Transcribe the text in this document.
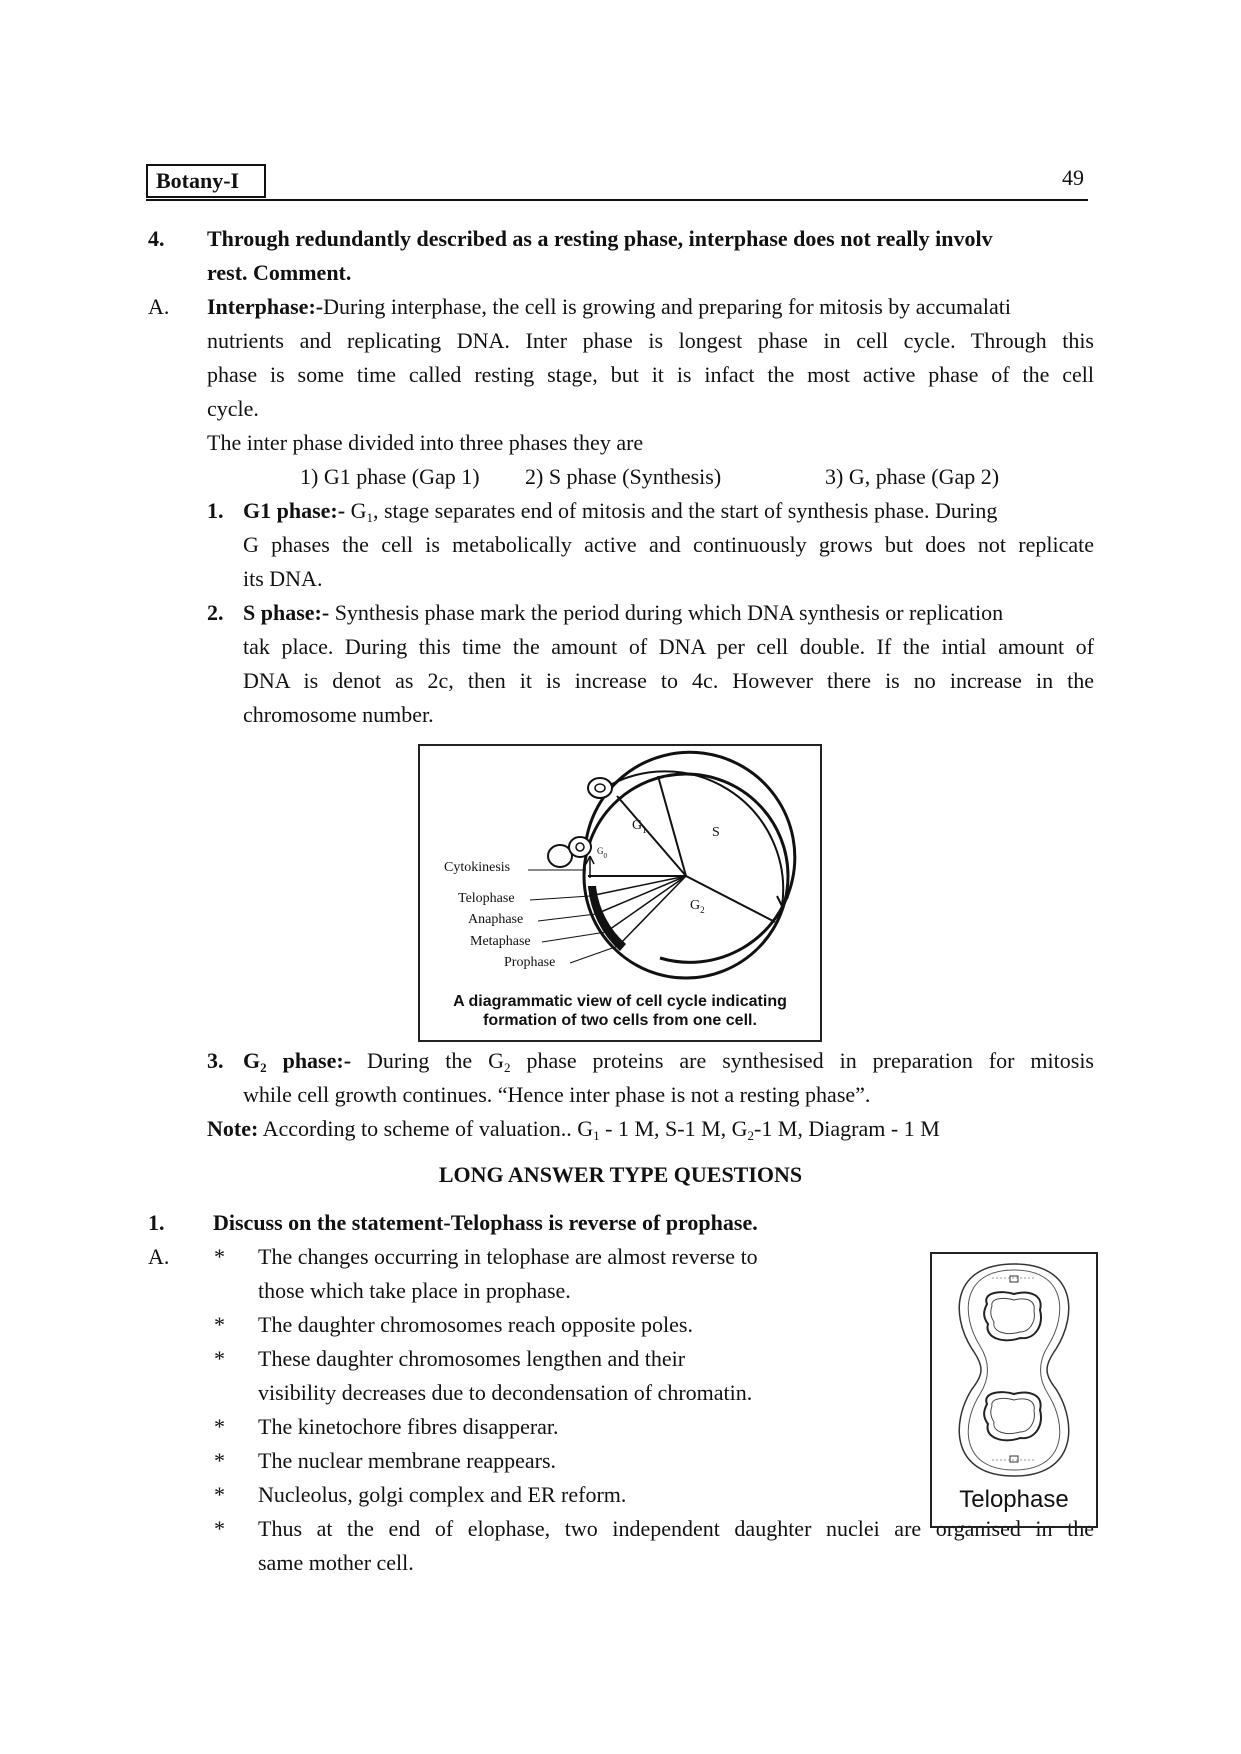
Botany-I	49
4. Through redundantly described as a resting phase, interphase does not really involv
rest. Comment.
A. Interphase:-During interphase, the cell is growing and preparing for mitosis by accumalati
nutrients and replicating DNA. Inter phase is longest phase in cell cycle. Through this
phase is some time called resting stage, but it is infact the most active phase of the cell
cycle.
The inter phase divided into three phases they are
1) G1 phase (Gap 1) 2) S phase (Synthesis)	3) G, phase (Gap 2)
1. G1 phase:- $G_1$, stage separates end of mitosis and the start of synthesis phase. During
G phases the cell is metabolically active and continuously grows but does not replicate
its DNA.
2. S phase:- Synthesis phase mark the period during which DNA synthesis or replication
tak place. During this time the amount of DNA per cell double. If the intial amount of
DNA is denot as 2c, then it is increase to 4c. However there is no increase in the
chromosome number.
$G_1$	S
$G_0$
$G_2$
Cytokinesis
Telophase
Anaphase
Metaphase
Prophase
A diagrammatic view of cell cycle indicating
formation of two cells from one cell.
3. $G_2$ phase:- During the $G_2$ phase proteins are synthesised in preparation for mitosis
while cell growth continues. “Hence inter phase is not a resting phase”.
Note: According to scheme of valuation.. $G_1 - 1$ M, S-1 M, $G_2-1$ M, Diagram - 1 M
LONG ANSWER TYPE QUESTIONS
1. Discuss on the statement-Telophass is reverse of prophase.
A. * The changes occurring in telophase are almost reverse to
those which take place in prophase.
* The daughter chromosomes reach opposite poles.
* These daughter chromosomes lengthen and their
visibility decreases due to decondensation of chromatin.
* The kinetochore fibres disapperar.
* The nuclear membrane reappears.
* Nucleolus, golgi complex and ER reform.
* Thus at the end of elophase, two independent daughter nuclei are organised in the
same mother cell.
Telophase
